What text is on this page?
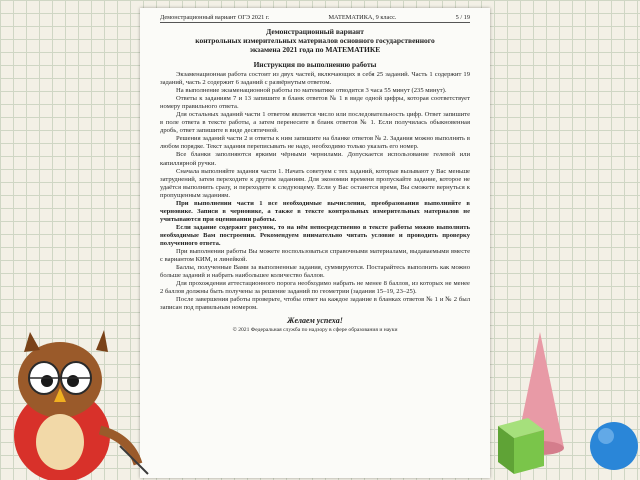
Демонстрационный вариант ОГЭ 2021 г.	МАТЕМАТИКА, 9 класс.	5 / 19
Демонстрационный вариант
контрольных измерительных материалов основного государственного
экзамена 2021 года по МАТЕМАТИКЕ
Инструкция по выполнению работы

Экзаменационная работа состоит из двух частей, включающих в себя 25 заданий. Часть 1 содержит 19 заданий, часть 2 содержит 6 заданий с развёрнутым ответом.

На выполнение экзаменационной работы по математике отводится 3 часа 55 минут (235 минут).

Ответы к заданиям 7 и 13 запишите в бланк ответов № 1 в виде одной цифры, которая соответствует номеру правильного ответа.

Для остальных заданий части 1 ответом является число или последовательность цифр. Ответ запишите в поле ответа в тексте работы, а затем перенесите в бланк ответов № 1. Если получилась обыкновенная дробь, ответ запишите в виде десятичной.

Решения заданий части 2 и ответы к ним запишите на бланке ответов № 2. Задания можно выполнять в любом порядке. Текст задания переписывать не надо, необходимо только указать его номер.

Все бланки заполняются яркими чёрными чернилами. Допускается использование гелевой или капиллярной ручки.

Сначала выполняйте задания части 1. Начать советуем с тех заданий, которые вызывают у Вас меньше затруднений, затем переходите к другим заданиям. Для экономии времени пропускайте задание, которое не удаётся выполнить сразу, и переходите к следующему. Если у Вас останется время, Вы сможете вернуться к пропущенным заданиям.

При выполнении части 1 все необходимые вычисления, преобразования выполняйте в черновике. Записи в черновике, а также в тексте контрольных измерительных материалов не учитываются при оценивании работы.

Если задание содержит рисунок, то на нём непосредственно в тексте работы можно выполнять необходимые Вам построения. Рекомендуем внимательно читать условие и проводить проверку полученного ответа.

При выполнении работы Вы можете воспользоваться справочными материалами, выдаваемыми вместе с вариантом КИМ, и линейкой.

Баллы, полученные Вами за выполненные задания, суммируются. Постарайтесь выполнить как можно больше заданий и набрать наибольшее количество баллов.

Для прохождения аттестационного порога необходимо набрать не менее 8 баллов, из которых не менее 2 баллов должны быть получены за решение заданий по геометрии (задания 15–19, 23–25).

После завершения работы проверьте, чтобы ответ на каждое задание в бланках ответов № 1 и № 2 был записан под правильным номером.

Желаем успеха!
© 2021 Федеральная служба по надзору в сфере образования и науки
